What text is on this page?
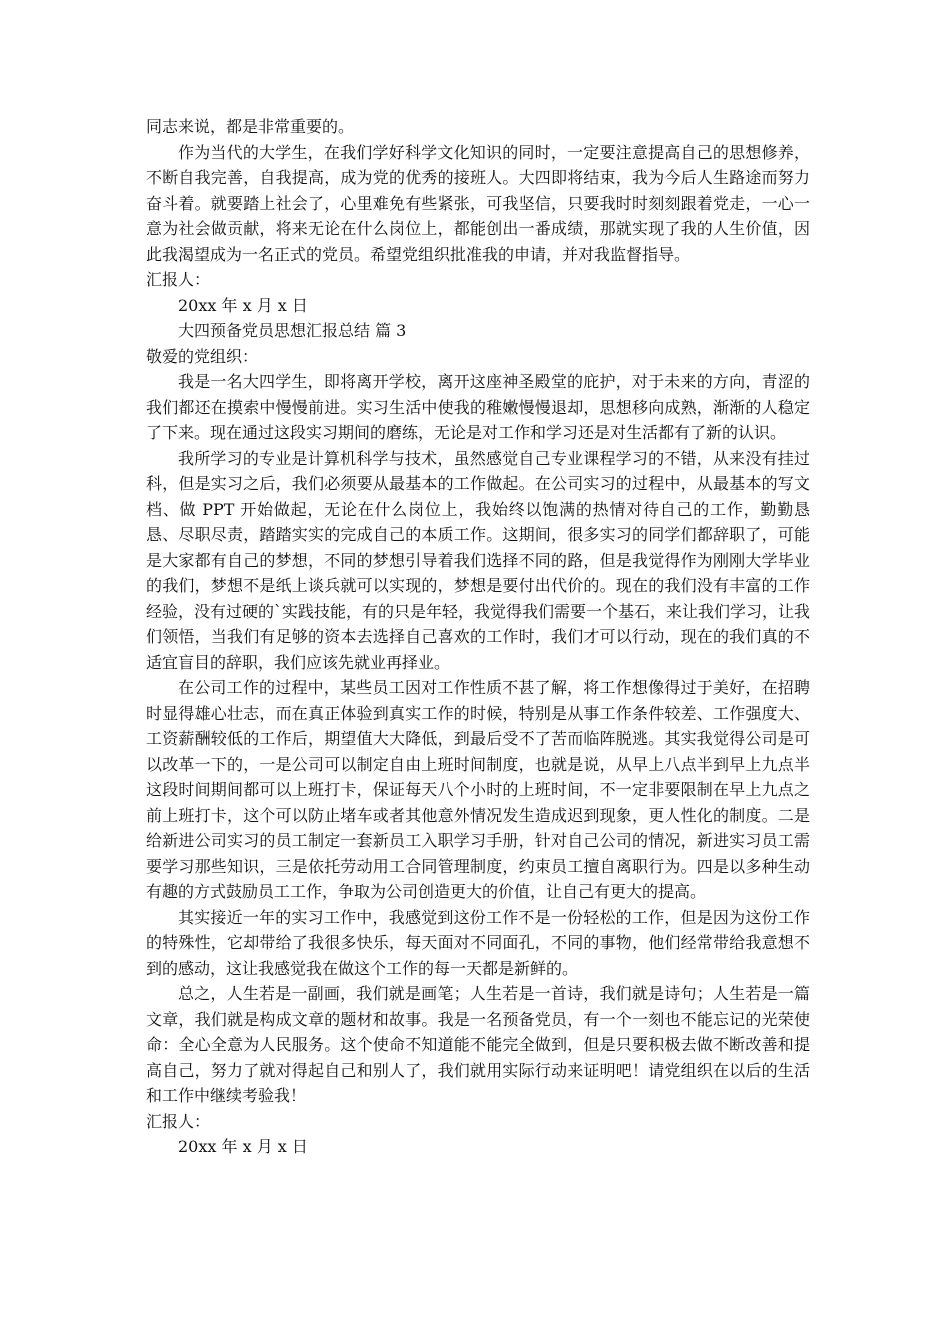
同志来说，都是非常重要的。

作为当代的大学生，在我们学好科学文化知识的同时，一定要注意提高自己的思想修养，不断自我完善，自我提高，成为党的优秀的接班人。大四即将结束，我为今后人生路途而努力奋斗着。就要踏上社会了，心里难免有些紧张，可我坚信，只要我时时刻刻跟着党走，一心一意为社会做贡献，将来无论在什么岗位上，都能创出一番成绩，那就实现了我的人生价值，因此我渴望成为一名正式的党员。希望党组织批准我的申请，并对我监督指导。

汇报人：

20xx 年 x 月 x 日

大四预备党员思想汇报总结 篇 3

敬爱的党组织：

我是一名大四学生，即将离开学校，离开这座神圣殿堂的庇护，对于未来的方向，青涩的我们都还在摸索中慢慢前进。实习生活中使我的稚嫩慢慢退却，思想移向成熟，渐渐的人稳定了下来。现在通过这段实习期间的磨练，无论是对工作和学习还是对生活都有了新的认识。

我所学习的专业是计算机科学与技术，虽然感觉自己专业课程学习的不错，从来没有挂过科，但是实习之后，我们必须要从最基本的工作做起。在公司实习的过程中，从最基本的写文档、做 PPT 开始做起，无论在什么岗位上，我始终以饱满的热情对待自己的工作，勤勤恳恳、尽职尽责，踏踏实实的完成自己的本质工作。这期间，很多实习的同学们都辞职了，可能是大家都有自己的梦想，不同的梦想引导着我们选择不同的路，但是我觉得作为刚刚大学毕业的我们，梦想不是纸上谈兵就可以实现的，梦想是要付出代价的。现在的我们没有丰富的工作经验，没有过硬的`实践技能，有的只是年轻，我觉得我们需要一个基石，来让我们学习，让我们领悟，当我们有足够的资本去选择自己喜欢的工作时，我们才可以行动，现在的我们真的不适宜盲目的辞职，我们应该先就业再择业。

在公司工作的过程中，某些员工因对工作性质不甚了解，将工作想像得过于美好，在招聘时显得雄心壮志，而在真正体验到真实工作的时候，特别是从事工作条件较差、工作强度大、工资薪酬较低的工作后，期望值大大降低，到最后受不了苦而临阵脱逃。其实我觉得公司是可以改革一下的，一是公司可以制定自由上班时间制度，也就是说，从早上八点半到早上九点半这段时间期间都可以上班打卡，保证每天八个小时的上班时间，不一定非要限制在早上九点之前上班打卡，这个可以防止堵车或者其他意外情况发生造成迟到现象，更人性化的制度。二是给新进公司实习的员工制定一套新员工入职学习手册，针对自己公司的情况，新进实习员工需要学习那些知识，三是依托劳动用工合同管理制度，约束员工擅自离职行为。四是以多种生动有趣的方式鼓励员工工作，争取为公司创造更大的价值，让自己有更大的提高。

其实接近一年的实习工作中，我感觉到这份工作不是一份轻松的工作，但是因为这份工作的特殊性，它却带给了我很多快乐，每天面对不同面孔，不同的事物，他们经常带给我意想不到的感动，这让我感觉我在做这个工作的每一天都是新鲜的。

总之，人生若是一副画，我们就是画笔；人生若是一首诗，我们就是诗句；人生若是一篇文章，我们就是构成文章的题材和故事。我是一名预备党员，有一个一刻也不能忘记的光荣使命：全心全意为人民服务。这个使命不知道能不能完全做到，但是只要积极去做不断改善和提高自己，努力了就对得起自己和别人了，我们就用实际行动来证明吧！请党组织在以后的生活和工作中继续考验我！

汇报人：

20xx 年 x 月 x 日
